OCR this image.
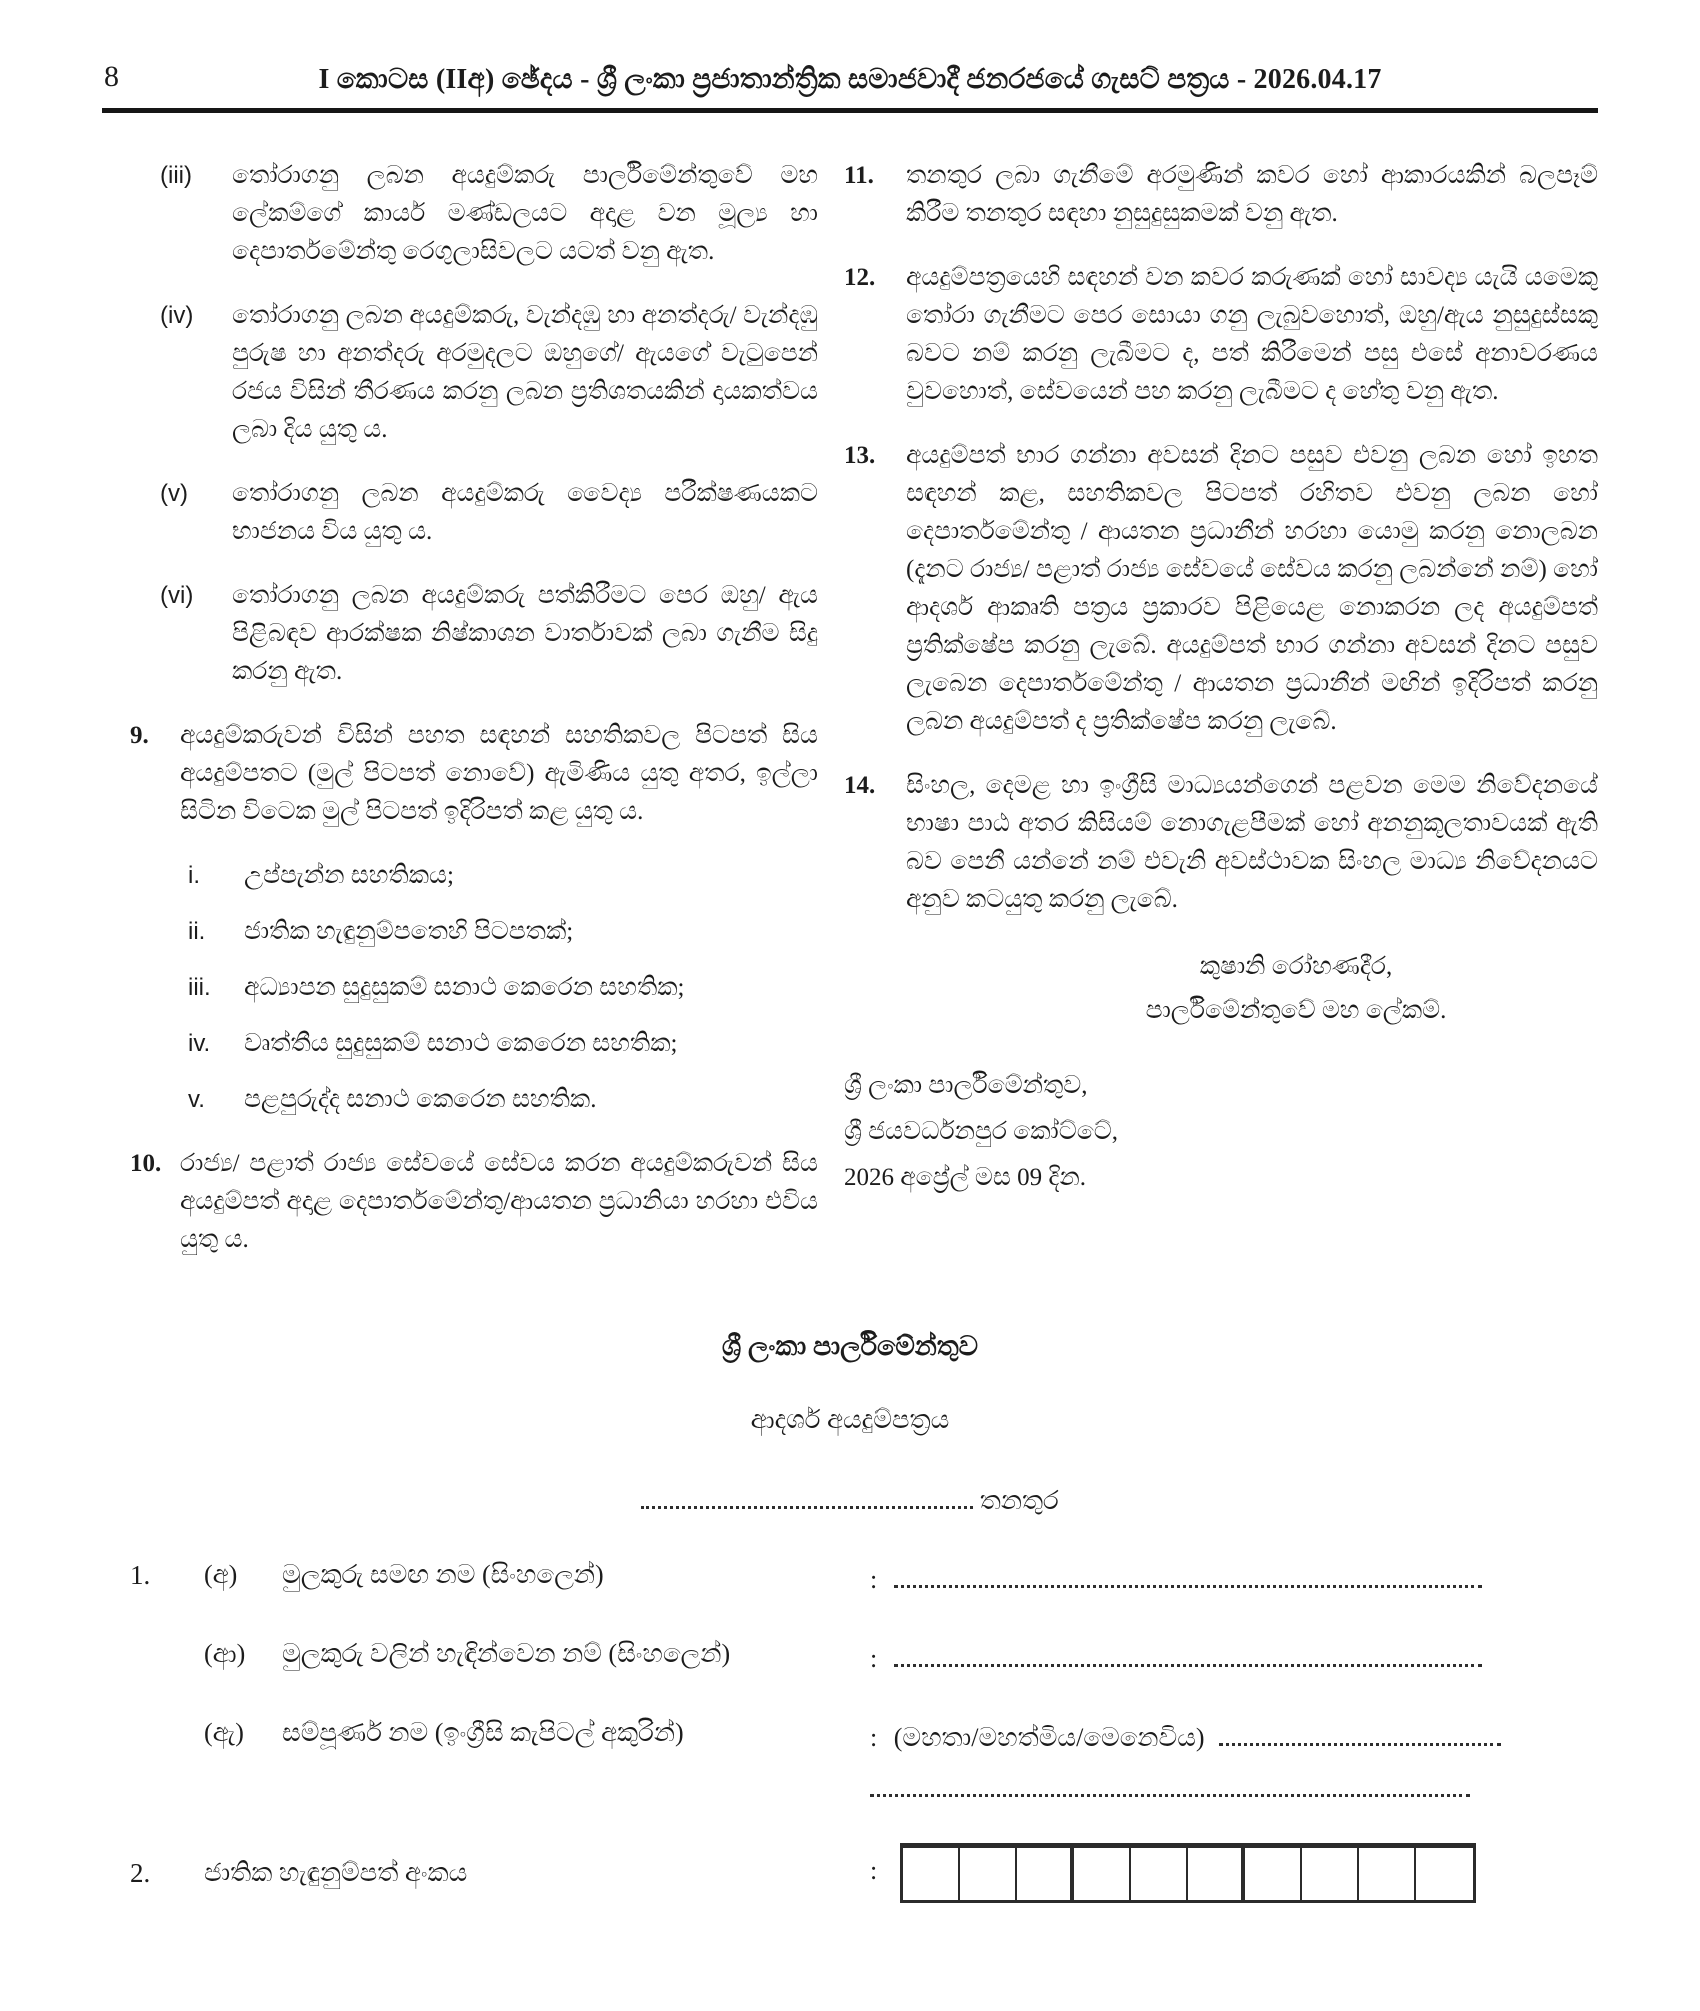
8	I කොටස (IIඅ) ඡේදය - ශ්‍රී ලංකා ප්‍රජාතාන්ත්‍රික සමාජවාදී ජනරජයේ ගැසට් පත්‍රය - 2026.04.17
(iii)	තෝරාගනු ලබන අයදුම්කරු පාර්ලිමේන්තුවේ මහ ලේකම්ගේ කාර්ය මණ්ඩලයට අදාළ වන මූල්‍ය හා දෙපාර්තමේන්තු රෙගුලාසිවලට යටත් වනු ඇත.
(iv)	තෝරාගනු ලබන අයදුම්කරු, වැන්දඹු හා අනත්දරු/ වැන්දඹු පුරුෂ හා අනත්දරු අරමුදලට ඔහුගේ/ ඇයගේ වැටුපෙන් රජය විසින් තීරණය කරනු ලබන ප්‍රතිශතයකින් දායකත්වය ලබා දිය යුතු ය.
(v)	තෝරාගනු ලබන අයදුම්කරු වෛද්‍ය පරීක්ෂණයකට භාජනය විය යුතු ය.
(vi)	තෝරාගනු ලබන අයදුම්කරු පත්කිරීමට පෙර ඔහු/ ඇය පිළිබඳව ආරක්ෂක නිෂ්කාශන වාර්තාවක් ලබා ගැනීම සිදු කරනු ඇත.
9.	අයදුම්කරුවන් විසින් පහත සඳහන් සහතිකවල පිටපත් සිය අයදුම්පතට (මුල් පිටපත් නොවේ) ඇමිණිය යුතු අතර, ඉල්ලා සිටින විටෙක මුල් පිටපත් ඉදිරිපත් කළ යුතු ය.
i.	උප්පැන්න සහතිකය;
ii.	ජාතික හැඳුනුම්පතෙහි පිටපතක්;
iii.	අධ්‍යාපන සුදුසුකම් සනාථ කෙරෙන සහතික;
iv.	වෘත්තීය සුදුසුකම් සනාථ කෙරෙන සහතික;
v.	පළපුරුද්ද සනාථ කෙරෙන සහතික.
10. රාජ්‍ය/ පළාත් රාජ්‍ය සේවයේ සේවය කරන අයදුම්කරුවන් සිය අයදුම්පත් අදාළ දෙපාර්තමේන්තු/ආයතන ප්‍රධානියා හරහා එවිය යුතු ය.
11.	තනතුර ලබා ගැනීමේ අරමුණින් කවර හෝ ආකාරයකින් බලපෑම් කිරීම තනතුර සඳහා නුසුදුසුකමක් වනු ඇත.
12.	අයදුම්පත්‍රයෙහි සඳහන් වන කවර කරුණක් හෝ සාවද්‍ය යැයි යමෙකු තෝරා ගැනීමට පෙර සොයා ගනු ලැබුවහොත්, ඔහු/ඇය නුසුදුස්සකු බවට නම් කරනු ලැබීමට ද, පත් කිරීමෙන් පසු එසේ අනාවරණය වුවහොත්, සේවයෙන් පහ කරනු ලැබීමට ද හේතු වනු ඇත.
13.	අයදුම්පත් භාර ගන්නා අවසන් දිනට පසුව එවනු ලබන හෝ ඉහත සඳහන් කළ, සහතිකවල පිටපත් රහිතව එවනු ලබන හෝ දෙපාර්තමේන්තු / ආයතන ප්‍රධානීන් හරහා යොමු කරනු නොලබන (දැනට රාජ්‍ය/ පළාත් රාජ්‍ය සේවයේ සේවය කරනු ලබන්නේ නම්) හෝ ආදර්ශ ආකෘති පත්‍රය ප්‍රකාරව පිළියෙළ නොකරන ලද අයදුම්පත් ප්‍රතික්ෂේප කරනු ලැබේ. අයදුම්පත් භාර ගන්නා අවසන් දිනට පසුව ලැබෙන දෙපාර්තමේන්තු / ආයතන ප්‍රධානීන් මඟින් ඉදිරිපත් කරනු ලබන අයදුම්පත් ද ප්‍රතික්ෂේප කරනු ලැබේ.
14.	සිංහල, දෙමළ හා ඉංග්‍රීසි මාධ්‍යයන්ගෙන් පළවන මෙම නිවේදනයේ භාෂා පාඨ අතර කිසියම් නොගැළපීමක් හෝ අනනුකූලතාවයක් ඇති බව පෙනී යන්නේ නම් එවැනි අවස්ථාවක සිංහල මාධ්‍ය නිවේදනයට අනුව කටයුතු කරනු ලැබේ.
කුෂානි රෝහණදීර,
පාර්ලිමේන්තුවේ මහ ලේකම්.
ශ්‍රී ලංකා පාර්ලිමේන්තුව,
ශ්‍රී ජයවර්ධනපුර කෝට්ටේ,
2026 අප්‍රේල් මස 09 දින.
ශ්‍රී ලංකා පාර්ලිමේන්තුව
ආදර්ශ අයදුම්පත්‍රය
තනතුර
1.	(අ)	මුලකුරු සමඟ නම (සිංහලෙන්)	:
(ආ)	මුලකුරු වලින් හැඳින්වෙන නම් (සිංහලෙන්)	:
(ඇ)	සම්පූර්ණ නම (ඉංග්‍රීසි කැපිටල් අකුරින්)	: (මහතා/මහත්මිය/මෙනෙවිය)
2.	ජාතික හැඳුනුම්පත් අංකය	:
